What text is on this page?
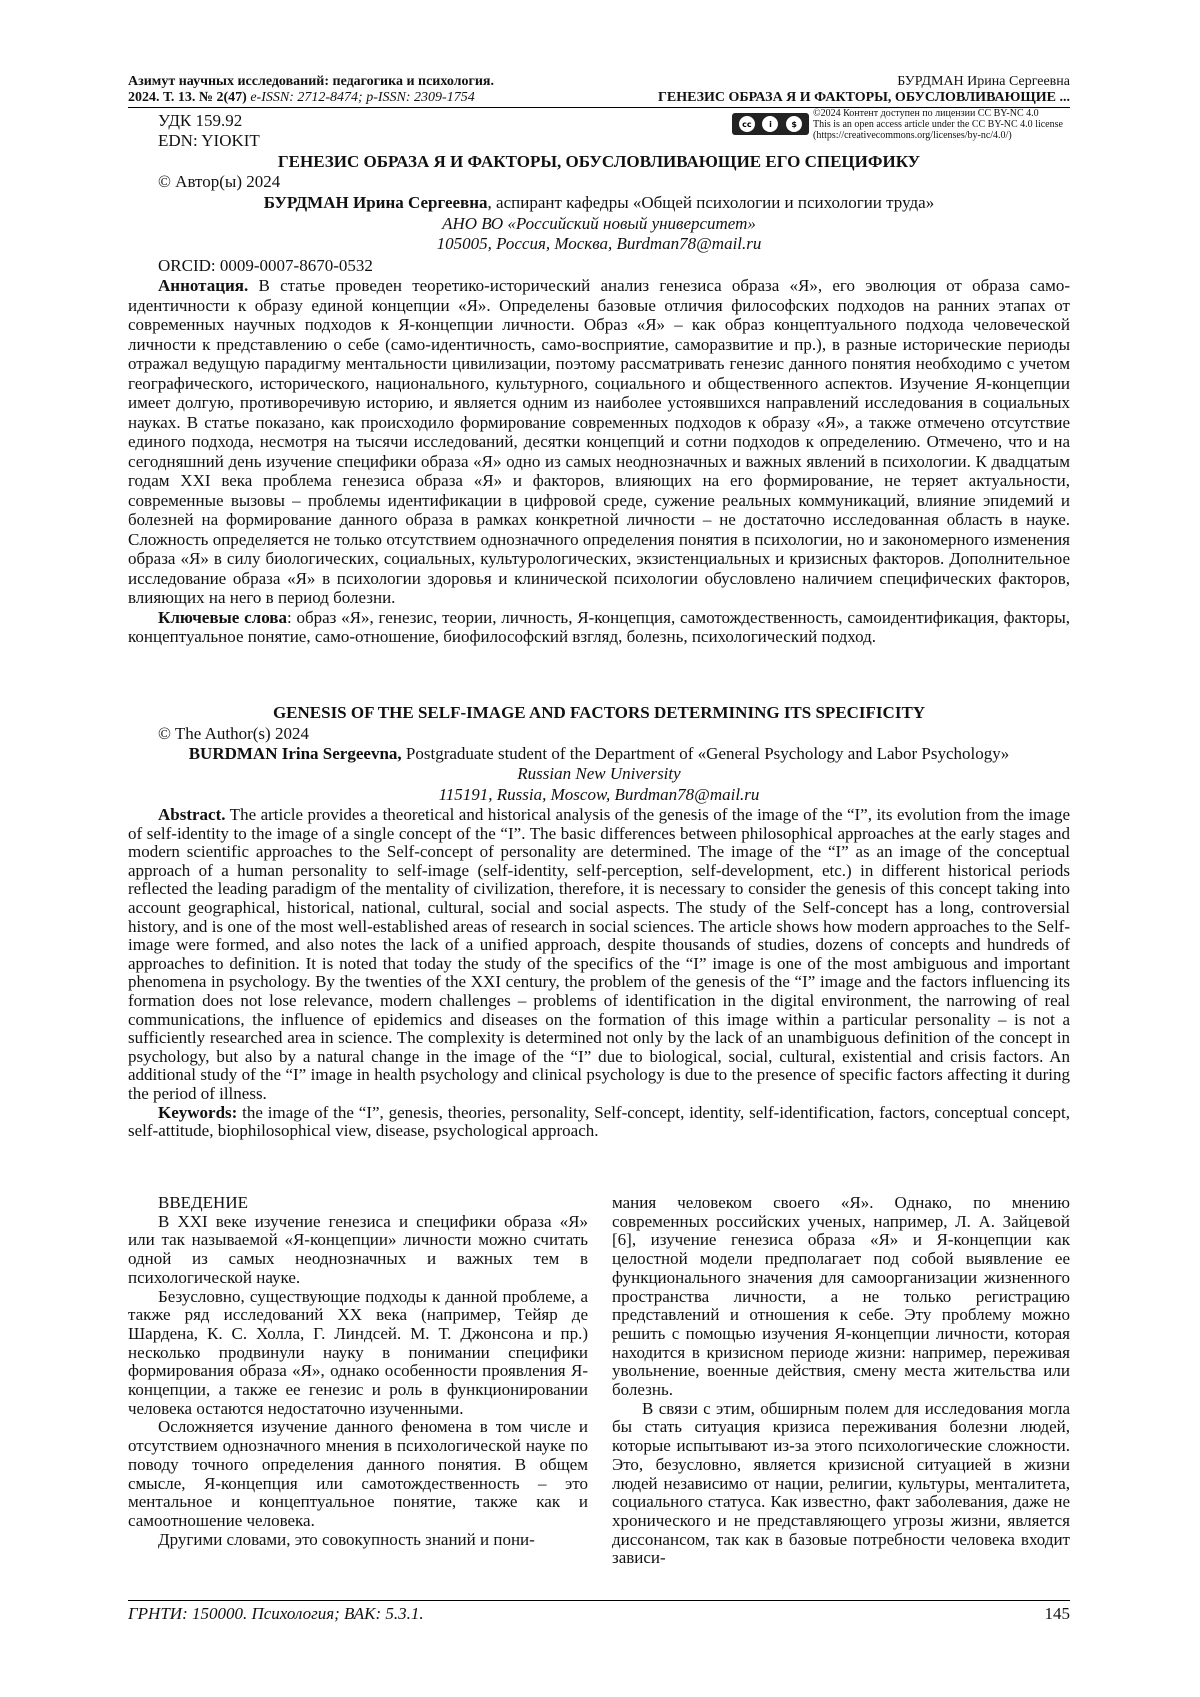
Азимут научных исследований: педагогика и психология.
2024. Т. 13. № 2(47) e-ISSN: 2712-8474; p-ISSN: 2309-1754
БУРДМАН Ирина Сергеевна
ГЕНЕЗИС ОБРАЗА Я И ФАКТОРЫ, ОБУСЛОВЛИВАЮЩИЕ ...
УДК 159.92
EDN: YIOKIT
cc	i	$
©2024 Контент доступен по лицензии CC BY-NC 4.0
This is an open access article under the CC BY-NC 4.0 license
(https://creativecommons.org/licenses/by-nc/4.0/)
ГЕНЕЗИС ОБРАЗА Я И ФАКТОРЫ, ОБУСЛОВЛИВАЮЩИЕ ЕГО СПЕЦИФИКУ
© Автор(ы) 2024
БУРДМАН Ирина Сергеевна, аспирант кафедры «Общей психологии и психологии труда»
АНО ВО «Российский новый университет»
105005, Россия, Москва, Burdman78@mail.ru
ORCID: 0009-0007-8670-0532

Аннотация. В статье проведен теоретико-исторический анализ генезиса образа «Я», его эволюция от образа само-идентичности к образу единой концепции «Я». Определены базовые отличия философских подходов на ранних этапах от современных научных подходов к Я-концепции личности. Образ «Я» – как образ концептуального подхода человеческой личности к представлению о себе (само-идентичность, само-восприятие, саморазвитие и пр.), в разные исторические периоды отражал ведущую парадигму ментальности цивилизации, поэтому рассматривать генезис данного понятия необходимо с учетом географического, исторического, национального, культурного, социального и общественного аспектов. Изучение Я-концепции имеет долгую, противоречивую историю, и является одним из наиболее устоявшихся направлений исследования в социальных науках. В статье показано, как происходило формирование современных подходов к образу «Я», а также отмечено отсутствие единого подхода, несмотря на тысячи исследований, десятки концепций и сотни подходов к определению. Отмечено, что и на сегодняшний день изучение специфики образа «Я» одно из самых неоднозначных и важных явлений в психологии. К двадцатым годам XXI века проблема генезиса образа «Я» и факторов, влияющих на его формирование, не теряет актуальности, современные вызовы – проблемы идентификации в цифровой среде, сужение реальных коммуникаций, влияние эпидемий и болезней на формирование данного образа в рамках конкретной личности – не достаточно исследованная область в науке. Сложность определяется не только отсутствием однозначного определения понятия в психологии, но и закономерного изменения образа «Я» в силу биологических, социальных, культурологических, экзистенциальных и кризисных факторов. Дополнительное исследование образа «Я» в психологии здоровья и клинической психологии обусловлено наличием специфических факторов, влияющих на него в период болезни.

Ключевые слова: образ «Я», генезис, теории, личность, Я-концепция, самотождественность, самоидентификация, факторы, концептуальное понятие, само-отношение, биофилософский взгляд, болезнь, психологический подход.

GENESIS OF THE SELF-IMAGE AND FACTORS DETERMINING ITS SPECIFICITY
© The Author(s) 2024
BURDMAN Irina Sergeevna, Postgraduate student of the Department of «General Psychology and Labor Psychology»
Russian New University
115191, Russia, Moscow, Burdman78@mail.ru

Abstract. The article provides a theoretical and historical analysis of the genesis of the image of the “I”, its evolution from the image of self-identity to the image of a single concept of the “I”. The basic differences between philosophical approaches at the early stages and modern scientific approaches to the Self-concept of personality are determined. The image of the “I” as an image of the conceptual approach of a human personality to self-image (self-identity, self-perception, self-development, etc.) in different historical periods reflected the leading paradigm of the mentality of civilization, therefore, it is necessary to consider the genesis of this concept taking into account geographical, historical, national, cultural, social and social aspects. The study of the Self-concept has a long, controversial history, and is one of the most well-established areas of research in social sciences. The article shows how modern approaches to the Self-image were formed, and also notes the lack of a unified approach, despite thousands of studies, dozens of concepts and hundreds of approaches to definition. It is noted that today the study of the specifics of the “I” image is one of the most ambiguous and important phenomena in psychology. By the twenties of the XXI century, the problem of the genesis of the “I” image and the factors influencing its formation does not lose relevance, modern challenges – problems of identification in the digital environment, the narrowing of real communications, the influence of epidemics and diseases on the formation of this image within a particular personality – is not a sufficiently researched area in science. The complexity is determined not only by the lack of an unambiguous definition of the concept in psychology, but also by a natural change in the image of the “I” due to biological, social, cultural, existential and crisis factors. An additional study of the “I” image in health psychology and clinical psychology is due to the presence of specific factors affecting it during the period of illness.

Keywords: the image of the “I”, genesis, theories, personality, Self-concept, identity, self-identification, factors, conceptual concept, self-attitude, biophilosophical view, disease, psychological approach.

ВВЕДЕНИЕ

В XXI веке изучение генезиса и специфики образа «Я» или так называемой «Я-концепции» личности можно считать одной из самых неоднозначных и важных тем в психологической науке.

Безусловно, существующие подходы к данной проблеме, а также ряд исследований XX века (например, Тейяр де Шардена, К. С. Холла, Г. Линдсей. М. Т. Джонсона и пр.) несколько продвинули науку в понимании специфики формирования образа «Я», однако особенности проявления Я-концепции, а также ее генезис и роль в функционировании человека остаются недостаточно изученными.

Осложняется изучение данного феномена в том числе и отсутствием однозначного мнения в психологической науке по поводу точного определения данного понятия. В общем смысле, Я-концепция или самотождественность – это ментальное и концептуальное понятие, также как и самоотношение человека.

Другими словами, это совокупность знаний и пони-

мания человеком своего «Я». Однако, по мнению современных российских ученых, например, Л. А. Зайцевой [6], изучение генезиса образа «Я» и Я-концепции как целостной модели предполагает под собой выявление ее функционального значения для самоорганизации жизненного пространства личности, а не только регистрацию представлений и отношения к себе. Эту проблему можно решить с помощью изучения Я-концепции личности, которая находится в кризисном периоде жизни: например, переживая увольнение, военные действия, смену места жительства или болезнь.

В связи с этим, обширным полем для исследования могла бы стать ситуация кризиса переживания болезни людей, которые испытывают из-за этого психологические сложности. Это, безусловно, является кризисной ситуацией в жизни людей независимо от нации, религии, культуры, менталитета, социального статуса. Как известно, факт заболевания, даже не хронического и не представляющего угрозы жизни, является диссонансом, так как в базовые потребности человека входит зависи-

ГРНТИ: 150000. Психология; ВАК: 5.3.1.	145
